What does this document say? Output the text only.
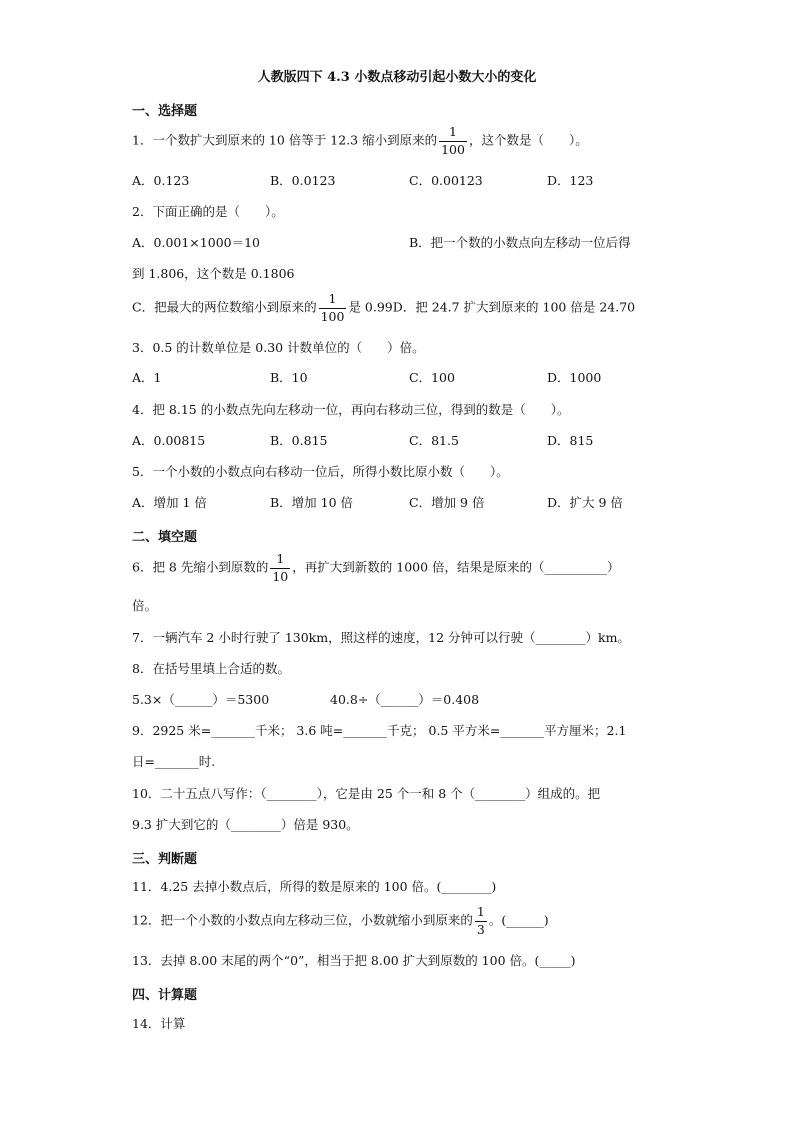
人教版四下 4.3 小数点移动引起小数大小的变化
一、选择题
1．一个数扩大到原来的 10 倍等于 12.3 缩小到原来的 $\frac{1}{100}$ ，这个数是（　　）。
A．0.123	B．0.0123	C．0.00123	D．123
2．下面正确的是（　　）。
A．0.001×1000＝10	B．把一个数的小数点向左移动一位后得
到 1.806，这个数是 0.1806
C．把最大的两位数缩小到原来的 $\frac{1}{100}$ 是 0.99D．把 24.7 扩大到原来的 100 倍是 24.70
3．0.5 的计数单位是 0.30 计数单位的（　　）倍。
A．1	B．10	C．100	D．1000
4．把 8.15 的小数点先向左移动一位，再向右移动三位，得到的数是（　　）。
A．0.00815	B．0.815	C．81.5	D．815
5．一个小数的小数点向右移动一位后，所得小数比原小数（　　）。
A．增加 1 倍	B．增加 10 倍	C．增加 9 倍	D．扩大 9 倍
二、填空题
6．把 8 先缩小到原数的 $\frac{1}{10}$ ，再扩大到新数的 1000 倍，结果是原来的（__________）
倍。
7．一辆汽车 2 小时行驶了 130km，照这样的速度，12 分钟可以行驶（________）km。
8．在括号里填上合适的数。
5.3×（______）＝5300	40.8÷（______）＝0.408
9．2925 米=_______千米； 3.6 吨=_______千克； 0.5 平方米=_______平方厘米；2.1
日=_______时.
10．二十五点八写作：（________），它是由 25 个一和 8 个（________）组成的。把
9.3 扩大到它的（________）倍是 930。
三、判断题
11．4.25 去掉小数点后，所得的数是原来的 100 倍。(________)
12．把一个小数的小数点向左移动三位，小数就缩小到原来的 $\frac{1}{3}$ 。(______)
13．去掉 8.00 末尾的两个“0”，相当于把 8.00 扩大到原数的 100 倍。(_____)
四、计算题
14．计算
